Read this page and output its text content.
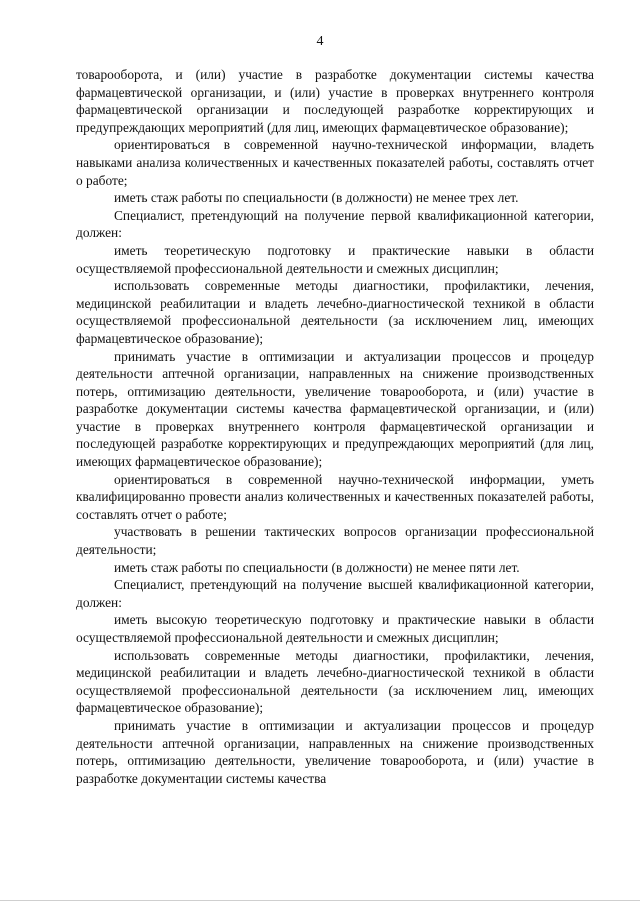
4

товарооборота, и (или) участие в разработке документации системы качества фармацевтической организации, и (или) участие в проверках внутреннего контроля фармацевтической организации и последующей разработке корректирующих и предупреждающих мероприятий (для лиц, имеющих фармацевтическое образование);

ориентироваться в современной научно-технической информации, владеть навыками анализа количественных и качественных показателей работы, составлять отчет о работе;

иметь стаж работы по специальности (в должности) не менее трех лет.

Специалист, претендующий на получение первой квалификационной категории, должен:

иметь теоретическую подготовку и практические навыки в области осуществляемой профессиональной деятельности и смежных дисциплин;

использовать современные методы диагностики, профилактики, лечения, медицинской реабилитации и владеть лечебно-диагностической техникой в области осуществляемой профессиональной деятельности (за исключением лиц, имеющих фармацевтическое образование);

принимать участие в оптимизации и актуализации процессов и процедур деятельности аптечной организации, направленных на снижение производственных потерь, оптимизацию деятельности, увеличение товарооборота, и (или) участие в разработке документации системы качества фармацевтической организации, и (или) участие в проверках внутреннего контроля фармацевтической организации и последующей разработке корректирующих и предупреждающих мероприятий (для лиц, имеющих фармацевтическое образование);

ориентироваться в современной научно-технической информации, уметь квалифицированно провести анализ количественных и качественных показателей работы, составлять отчет о работе;

участвовать в решении тактических вопросов организации профессиональной деятельности;

иметь стаж работы по специальности (в должности) не менее пяти лет.

Специалист, претендующий на получение высшей квалификационной категории, должен:

иметь высокую теоретическую подготовку и практические навыки в области осуществляемой профессиональной деятельности и смежных дисциплин;

использовать современные методы диагностики, профилактики, лечения, медицинской реабилитации и владеть лечебно-диагностической техникой в области осуществляемой профессиональной деятельности (за исключением лиц, имеющих фармацевтическое образование);

принимать участие в оптимизации и актуализации процессов и процедур деятельности аптечной организации, направленных на снижение производственных потерь, оптимизацию деятельности, увеличение товарооборота, и (или) участие в разработке документации системы качества
